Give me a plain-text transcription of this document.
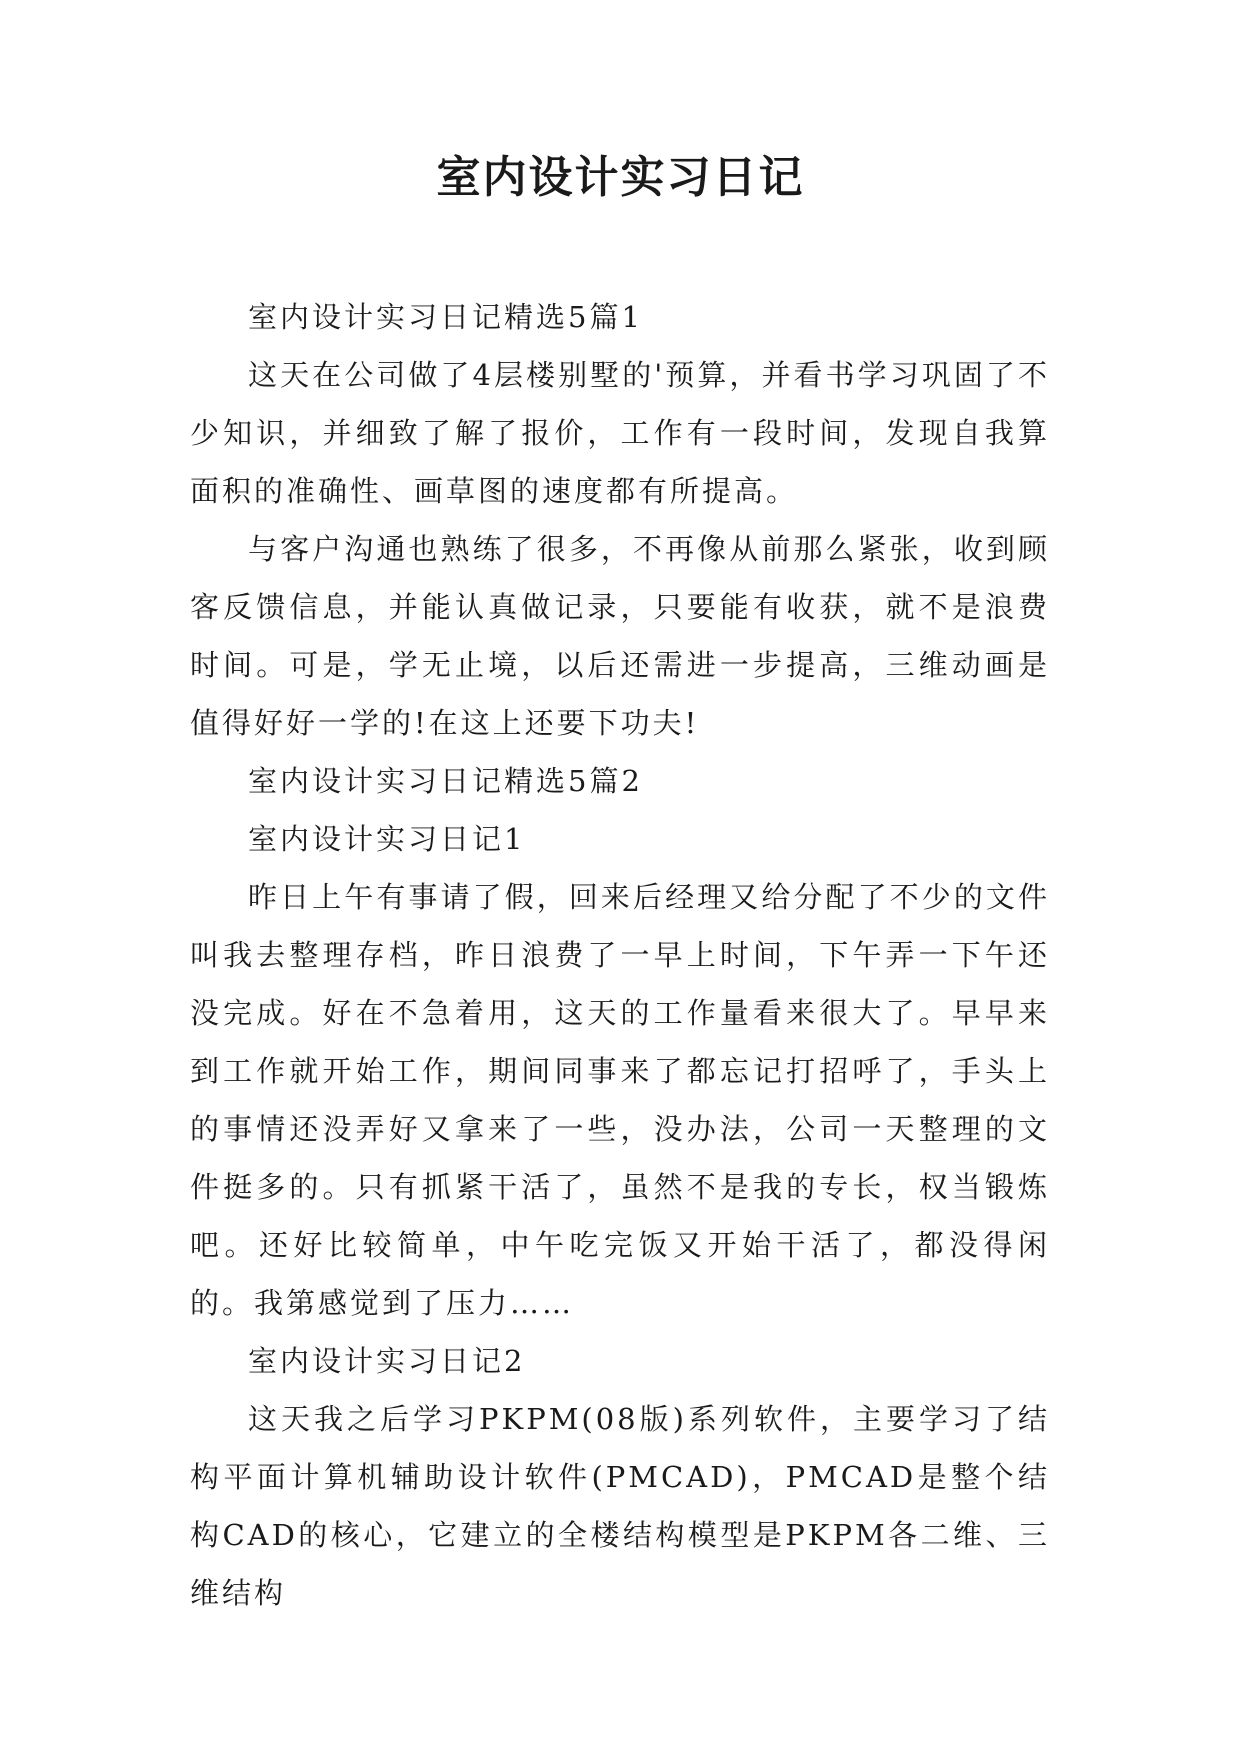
室内设计实习日记

室内设计实习日记精选5篇1

这天在公司做了4层楼别墅的'预算，并看书学习巩固了不少知识，并细致了解了报价，工作有一段时间，发现自我算面积的准确性、画草图的速度都有所提高。

与客户沟通也熟练了很多，不再像从前那么紧张，收到顾客反馈信息，并能认真做记录，只要能有收获，就不是浪费时间。可是，学无止境，以后还需进一步提高，三维动画是值得好好一学的!在这上还要下功夫!

室内设计实习日记精选5篇2

室内设计实习日记1

昨日上午有事请了假，回来后经理又给分配了不少的文件叫我去整理存档，昨日浪费了一早上时间，下午弄一下午还没完成。好在不急着用，这天的工作量看来很大了。早早来到工作就开始工作，期间同事来了都忘记打招呼了，手头上的事情还没弄好又拿来了一些，没办法，公司一天整理的文件挺多的。只有抓紧干活了，虽然不是我的专长，权当锻炼吧。还好比较简单，中午吃完饭又开始干活了，都没得闲的。我第感觉到了压力……

室内设计实习日记2

这天我之后学习PKPM(08版)系列软件，主要学习了结构平面计算机辅助设计软件(PMCAD)，PMCAD是整个结构CAD的核心，它建立的全楼结构模型是PKPM各二维、三维结构
